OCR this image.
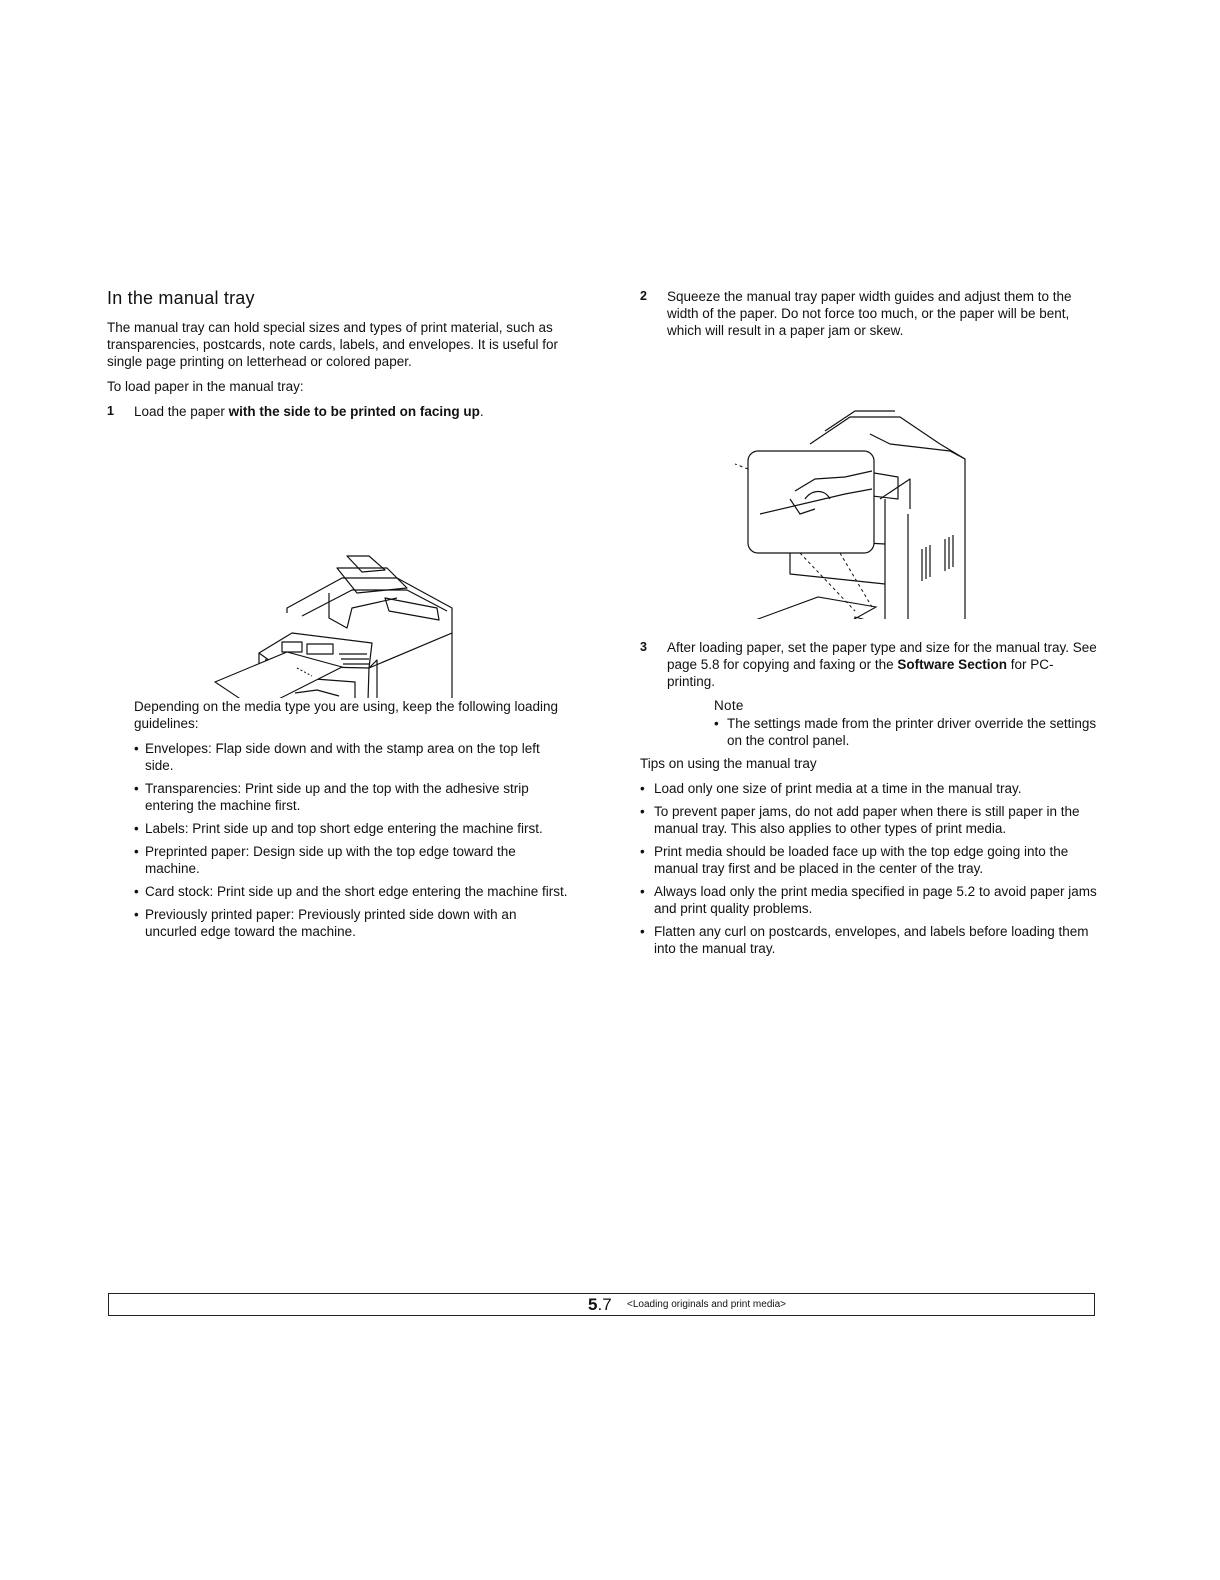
In the manual tray

The manual tray can hold special sizes and types of print material, such as transparencies, postcards, note cards, labels, and envelopes. It is useful for single page printing on letterhead or colored paper.

To load paper in the manual tray:

1 Load the paper with the side to be printed on facing up.

Depending on the media type you are using, keep the following loading guidelines:

• Envelopes: Flap side down and with the stamp area on the top left side.
• Transparencies: Print side up and the top with the adhesive strip entering the machine first.
• Labels: Print side up and top short edge entering the machine first.
• Preprinted paper: Design side up with the top edge toward the machine.
• Card stock: Print side up and the short edge entering the machine first.
• Previously printed paper: Previously printed side down with an uncurled edge toward the machine.
2 Squeeze the manual tray paper width guides and adjust them to the width of the paper. Do not force too much, or the paper will be bent, which will result in a paper jam or skew.
3 After loading paper, set the paper type and size for the manual tray. See page 5.8 for copying and faxing or the Software Section for PC-printing.
Note
• The settings made from the printer driver override the settings on the control panel.

Tips on using the manual tray

• Load only one size of print media at a time in the manual tray.
• To prevent paper jams, do not add paper when there is still paper in the manual tray. This also applies to other types of print media.
• Print media should be loaded face up with the top edge going into the manual tray first and be placed in the center of the tray.
• Always load only the print media specified in page 5.2 to avoid paper jams and print quality problems.
• Flatten any curl on postcards, envelopes, and labels before loading them into the manual tray.
5.7 <Loading originals and print media>
